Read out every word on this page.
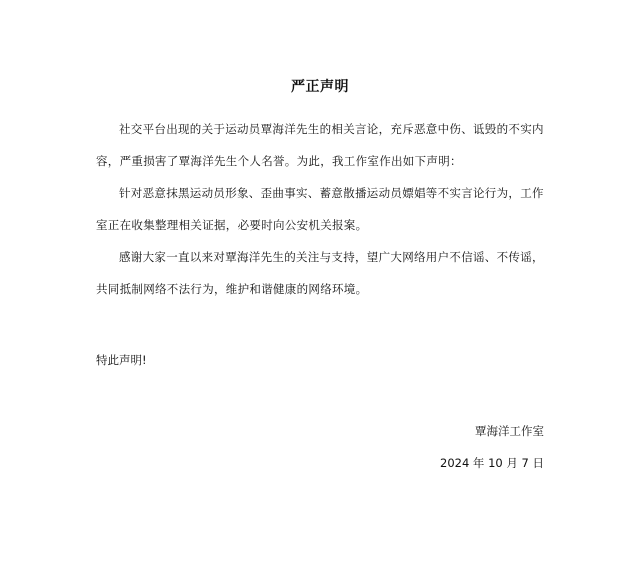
严正声明

社交平台出现的关于运动员覃海洋先生的相关言论，充斥恶意中伤、诋毁的不实内容，严重损害了覃海洋先生个人名誉。为此，我工作室作出如下声明：

针对恶意抹黑运动员形象、歪曲事实、蓄意散播运动员嫖娼等不实言论行为，工作室正在收集整理相关证据，必要时向公安机关报案。

感谢大家一直以来对覃海洋先生的关注与支持，望广大网络用户不信谣、不传谣，共同抵制网络不法行为，维护和谐健康的网络环境。

特此声明!

覃海洋工作室

2024 年 10 月 7 日
